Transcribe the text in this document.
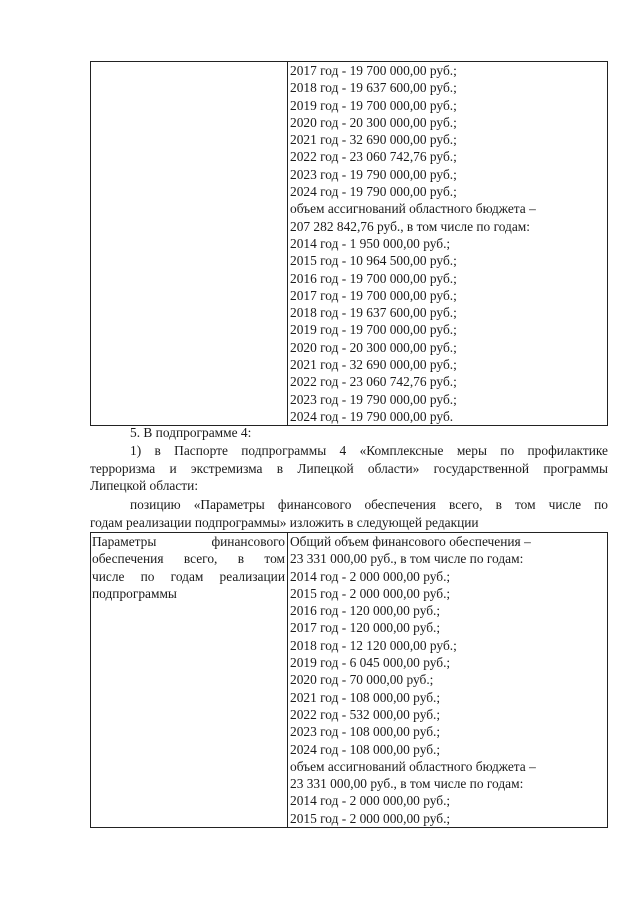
2017 год - 19 700 000,00 руб.;
2018 год - 19 637 600,00 руб.;
2019 год - 19 700 000,00 руб.;
2020 год - 20 300 000,00 руб.;
2021 год - 32 690 000,00 руб.;
2022 год - 23 060 742,76 руб.;
2023 год - 19 790 000,00 руб.;
2024 год - 19 790 000,00 руб.;
объем ассигнований областного бюджета –
207 282 842,76 руб., в том числе по годам:
2014 год - 1 950 000,00 руб.;
2015 год - 10 964 500,00 руб.;
2016 год - 19 700 000,00 руб.;
2017 год - 19 700 000,00 руб.;
2018 год - 19 637 600,00 руб.;
2019 год - 19 700 000,00 руб.;
2020 год - 20 300 000,00 руб.;
2021 год - 32 690 000,00 руб.;
2022 год - 23 060 742,76 руб.;
2023 год - 19 790 000,00 руб.;
2024 год - 19 790 000,00 руб.
5. В подпрограмме 4:
1) в Паспорте подпрограммы 4 «Комплексные меры по профилактике
терроризма и экстремизма в Липецкой области» государственной программы
Липецкой области:
позицию «Параметры финансового обеспечения всего, в том числе по
годам реализации подпрограммы» изложить в следующей редакции
Параметры финансового
обеспечения всего, в том
числе по годам реализации
подпрограммы

Общий объем финансового обеспечения –
23 331 000,00 руб., в том числе по годам:
2014 год - 2 000 000,00 руб.;
2015 год - 2 000 000,00 руб.;
2016 год - 120 000,00 руб.;
2017 год - 120 000,00 руб.;
2018 год - 12 120 000,00 руб.;
2019 год - 6 045 000,00 руб.;
2020 год - 70 000,00 руб.;
2021 год - 108 000,00 руб.;
2022 год - 532 000,00 руб.;
2023 год - 108 000,00 руб.;
2024 год - 108 000,00 руб.;
объем ассигнований областного бюджета –
23 331 000,00 руб., в том числе по годам:
2014 год - 2 000 000,00 руб.;
2015 год - 2 000 000,00 руб.;
